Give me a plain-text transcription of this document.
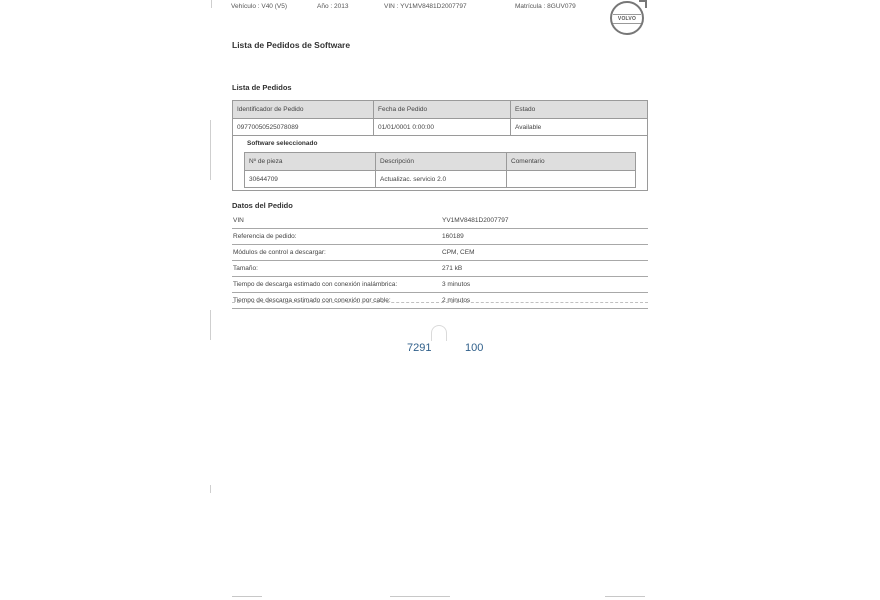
Vehículo : V40 (V5)	Año : 2013	VIN : YV1MV8481D2007797	Matrícula : 8GUV079
VOLVO
Lista de Pedidos de Software
Lista de Pedidos
Identificador de Pedido	Fecha de Pedido	Estado
09770050525078089	01/01/0001 0:00:00	Available
Software seleccionado
Nº de pieza	Descripción	Comentario
30644709	Actualizac. servicio 2.0	
Datos del Pedido
VIN	YV1MV8481D2007797
Referencia de pedido:	160189
Módulos de control a descargar:	CPM, CEM
Tamaño:	271 kB
Tiempo de descarga estimado con conexión inalámbrica:	3 minutos
Tiempo de descarga estimado con conexión por cable:	2 minutos
7291	100
